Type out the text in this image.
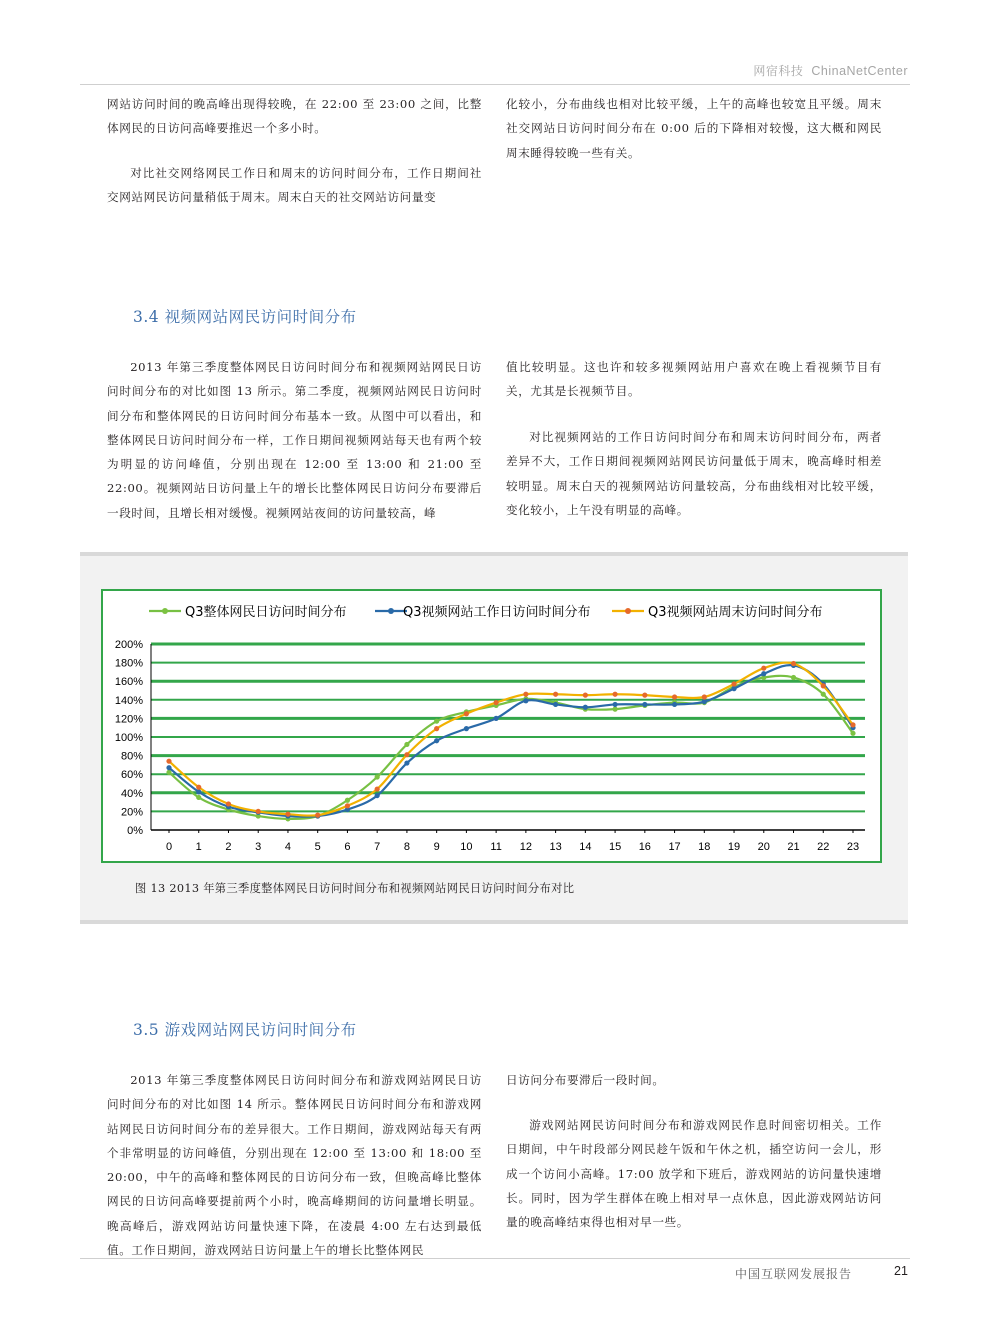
网宿科技 ChinaNetCenter

网站访问时间的晚高峰出现得较晚，在 22:00 至 23:00 之间，比整体网民的日访问高峰要推迟一个多小时。

对比社交网络网民工作日和周末的访问时间分布，工作日期间社交网站网民访问量稍低于周末。周末白天的社交网站访问量变

化较小，分布曲线也相对比较平缓，上午的高峰也较宽且平缓。周末社交网站日访问时间分布在 0:00 后的下降相对较慢，这大概和网民周末睡得较晚一些有关。

3.4 视频网站网民访问时间分布

2013 年第三季度整体网民日访问时间分布和视频网站网民日访问时间分布的对比如图 13 所示。第二季度，视频网站网民日访问时间分布和整体网民的日访问时间分布基本一致。从图中可以看出，和整体网民日访问时间分布一样，工作日期间视频网站每天也有两个较为明显的访问峰值，分别出现在 12:00 至 13:00 和 21:00 至 22:00。视频网站日访问量上午的增长比整体网民日访问分布要滞后一段时间，且增长相对缓慢。视频网站夜间的访问量较高，峰

值比较明显。这也许和较多视频网站用户喜欢在晚上看视频节目有关，尤其是长视频节目。

对比视频网站的工作日访问时间分布和周末访问时间分布，两者差异不大，工作日期间视频网站网民访问量低于周末，晚高峰时相差较明显。周末白天的视频网站访问量较高，分布曲线相对比较平缓，变化较小，上午没有明显的高峰。

Q3整体网民日访问时间分布	Q3视频网站工作日访问时间分布	Q3视频网站周末访问时间分布
0%
20%
40%
60%
80%
100%
120%
140%
160%
180%
200%
0 1 2 3 4 5 6 7 8 9 10 11 12 13 14 15 16 17 18 19 20 21 22 23

图 13 2013 年第三季度整体网民日访问时间分布和视频网站网民日访问时间分布对比

3.5 游戏网站网民访问时间分布

2013 年第三季度整体网民日访问时间分布和游戏网站网民日访问时间分布的对比如图 14 所示。整体网民日访问时间分布和游戏网站网民日访问时间分布的差异很大。工作日期间，游戏网站每天有两个非常明显的访问峰值，分别出现在 12:00 至 13:00 和 18:00 至 20:00，中午的高峰和整体网民的日访问分布一致，但晚高峰比整体网民的日访问高峰要提前两个小时，晚高峰期间的访问量增长明显。晚高峰后，游戏网站访问量快速下降，在凌晨 4:00 左右达到最低值。工作日期间，游戏网站日访问量上午的增长比整体网民

日访问分布要滞后一段时间。

游戏网站网民访问时间分布和游戏网民作息时间密切相关。工作日期间，中午时段部分网民趁午饭和午休之机，插空访问一会儿，形成一个访问小高峰。17:00 放学和下班后，游戏网站的访问量快速增长。同时，因为学生群体在晚上相对早一点休息，因此游戏网站访问量的晚高峰结束得也相对早一些。

中国互联网发展报告	21
